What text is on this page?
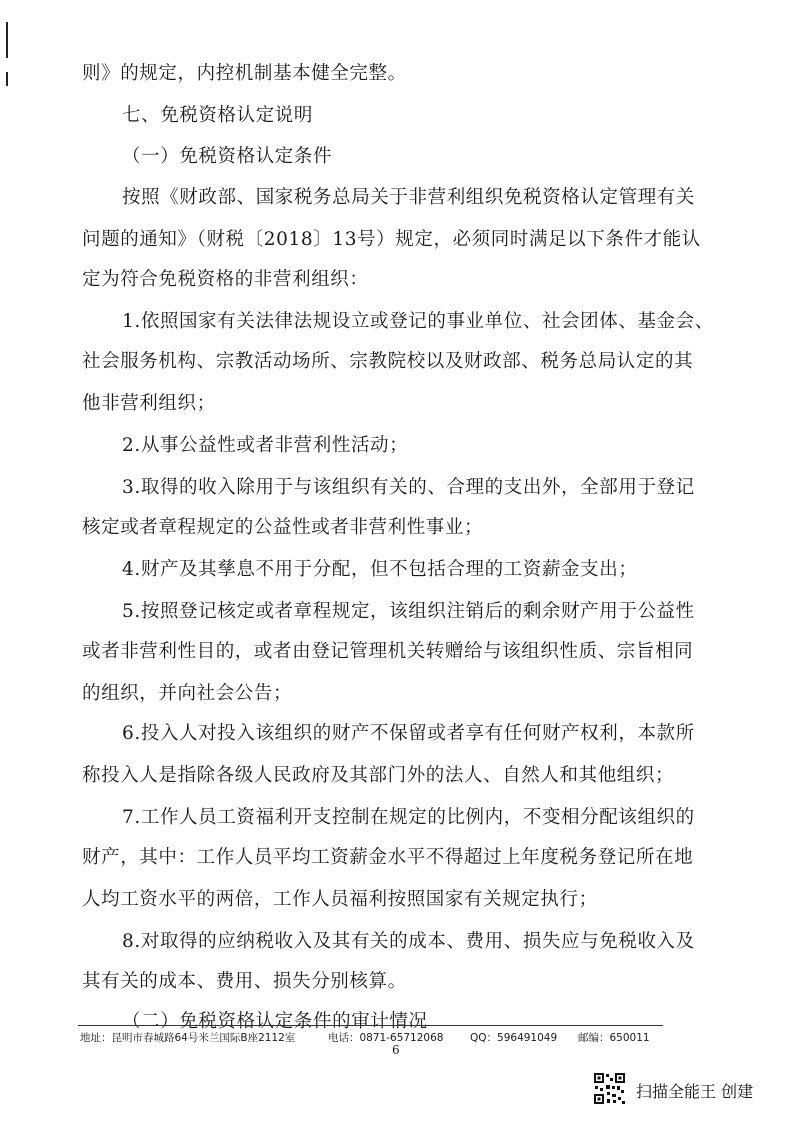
则》的规定，内控机制基本健全完整。
七、免税资格认定说明
（一）免税资格认定条件
按照《财政部、国家税务总局关于非营利组织免税资格认定管理有关
问题的通知》（财税〔2018〕13号）规定，必须同时满足以下条件才能认
定为符合免税资格的非营利组织：
1.依照国家有关法律法规设立或登记的事业单位、社会团体、基金会、
社会服务机构、宗教活动场所、宗教院校以及财政部、税务总局认定的其
他非营利组织；
2.从事公益性或者非营利性活动；
3.取得的收入除用于与该组织有关的、合理的支出外，全部用于登记
核定或者章程规定的公益性或者非营利性事业；
4.财产及其孳息不用于分配，但不包括合理的工资薪金支出；
5.按照登记核定或者章程规定，该组织注销后的剩余财产用于公益性
或者非营利性目的，或者由登记管理机关转赠给与该组织性质、宗旨相同
的组织，并向社会公告；
6.投入人对投入该组织的财产不保留或者享有任何财产权利，本款所
称投入人是指除各级人民政府及其部门外的法人、自然人和其他组织；
7.工作人员工资福利开支控制在规定的比例内，不变相分配该组织的
财产，其中：工作人员平均工资薪金水平不得超过上年度税务登记所在地
人均工资水平的两倍，工作人员福利按照国家有关规定执行；
8.对取得的应纳税收入及其有关的成本、费用、损失应与免税收入及
其有关的成本、费用、损失分别核算。
（二）免税资格认定条件的审计情况
地址：昆明市春城路64号米兰国际B座2112室	电话：0871-65712068	QQ：596491049 邮编：650011
6
扫描全能王 创建
